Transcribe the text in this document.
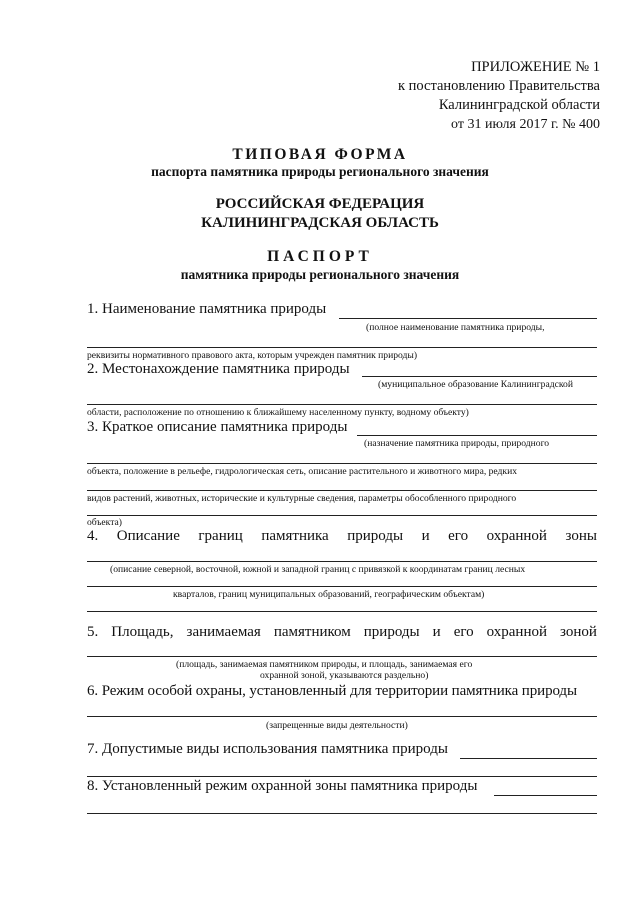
ПРИЛОЖЕНИЕ № 1
к постановлению Правительства
Калининградской области
от 31 июля 2017 г. № 400
ТИПОВАЯ ФОРМА
паспорта памятника природы регионального значения
РОССИЙСКАЯ ФЕДЕРАЦИЯ
КАЛИНИНГРАДСКАЯ ОБЛАСТЬ
ПАСПОРТ
памятника природы регионального значения
1. Наименование памятника природы
(полное наименование памятника природы,
реквизиты нормативного правового акта, которым учрежден памятник природы)
2. Местонахождение памятника природы
(муниципальное образование Калининградской
области, расположение по отношению к ближайшему населенному пункту, водному объекту)
3. Краткое описание памятника природы
(назначение памятника природы, природного
объекта, положение в рельефе, гидрологическая сеть, описание растительного и животного мира, редких
видов растений, животных, исторические и культурные сведения, параметры обособленного природного
объекта)
4. Описание границ памятника природы и его охранной зоны
(описание северной, восточной, южной и западной границ с привязкой к координатам границ лесных
кварталов, границ муниципальных образований, географическим объектам)
5. Площадь, занимаемая памятником природы и его охранной зоной
(площадь, занимаемая памятником природы, и площадь, занимаемая его
охранной зоной, указываются раздельно)
6. Режим особой охраны, установленный для территории памятника природы
(запрещенные виды деятельности)
7. Допустимые виды использования памятника природы
8. Установленный режим охранной зоны памятника природы
